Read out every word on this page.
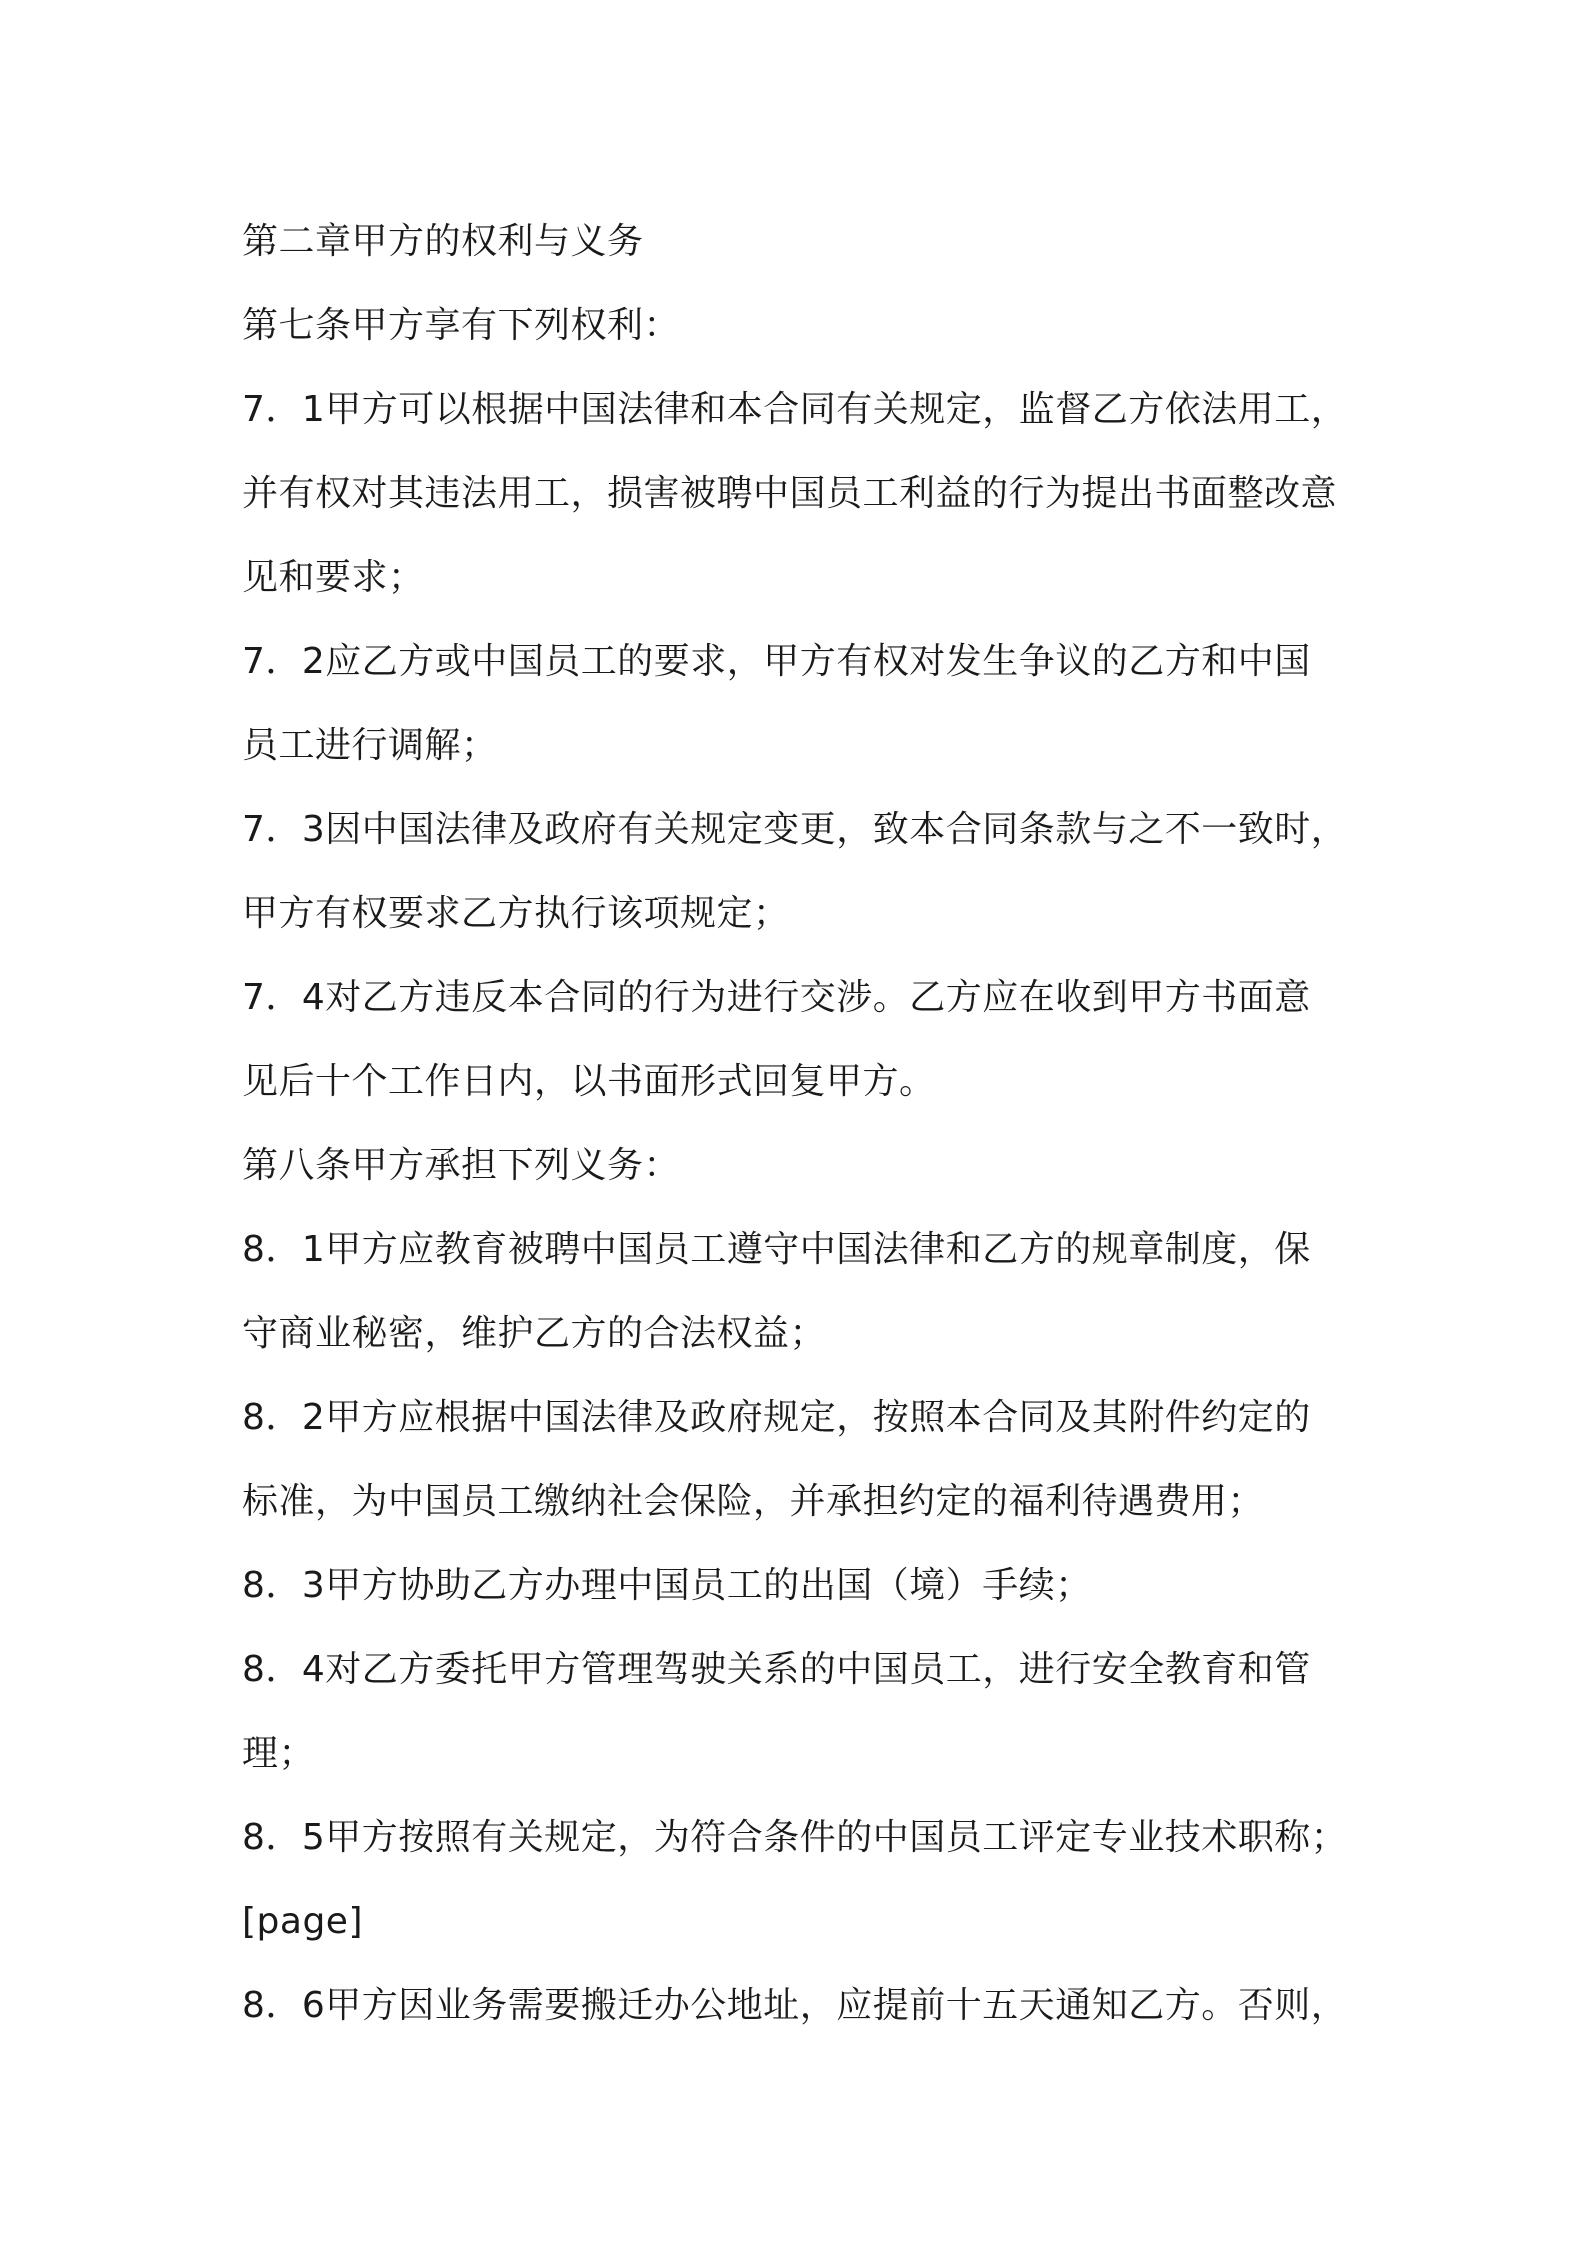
第二章甲方的权利与义务
第七条甲方享有下列权利：
7．1甲方可以根据中国法律和本合同有关规定，监督乙方依法用工，
并有权对其违法用工，损害被聘中国员工利益的行为提出书面整改意
见和要求；
7．2应乙方或中国员工的要求，甲方有权对发生争议的乙方和中国
员工进行调解；
7．3因中国法律及政府有关规定变更，致本合同条款与之不一致时，
甲方有权要求乙方执行该项规定；
7．4对乙方违反本合同的行为进行交涉。乙方应在收到甲方书面意
见后十个工作日内，以书面形式回复甲方。
第八条甲方承担下列义务：
8．1甲方应教育被聘中国员工遵守中国法律和乙方的规章制度，保
守商业秘密，维护乙方的合法权益；
8．2甲方应根据中国法律及政府规定，按照本合同及其附件约定的
标准，为中国员工缴纳社会保险，并承担约定的福利待遇费用；
8．3甲方协助乙方办理中国员工的出国（境）手续；
8．4对乙方委托甲方管理驾驶关系的中国员工，进行安全教育和管
理；
8．5甲方按照有关规定，为符合条件的中国员工评定专业技术职称；
[page]
8．6甲方因业务需要搬迁办公地址，应提前十五天通知乙方。否则，
